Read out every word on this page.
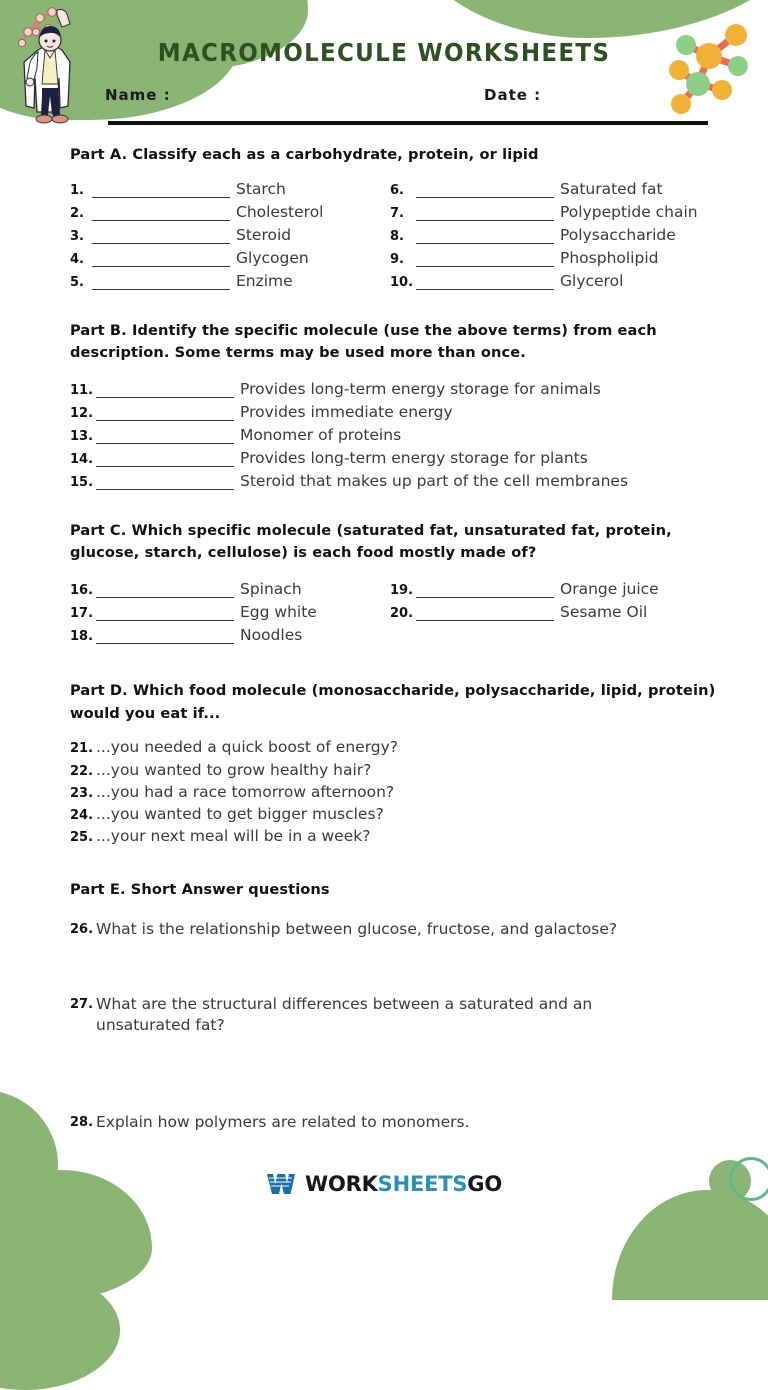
MACROMOLECULE WORKSHEETS
Name :	Date :
Part A. Classify each as a carbohydrate, protein, or lipid
1.	Starch
2.	Cholesterol
3.	Steroid
4.	Glycogen
5.	Enzime
6.	Saturated fat
7.	Polypeptide chain
8.	Polysaccharide
9.	Phospholipid
10.	Glycerol
Part B. Identify the specific molecule (use the above terms) from each description. Some terms may be used more than once.
11.	Provides long-term energy storage for animals
12.	Provides immediate energy
13.	Monomer of proteins
14.	Provides long-term energy storage for plants
15.	Steroid that makes up part of the cell membranes
Part C. Which specific molecule (saturated fat, unsaturated fat, protein, glucose, starch, cellulose) is each food mostly made of?
16.	Spinach
17.	Egg white
18.	Noodles
19.	Orange juice
20.	Sesame Oil
Part D. Which food molecule (monosaccharide, polysaccharide, lipid, protein) would you eat if...
21. ...you needed a quick boost of energy?
22. ...you wanted to grow healthy hair?
23. ...you had a race tomorrow afternoon?
24. ...you wanted to get bigger muscles?
25. ...your next meal will be in a week?
Part E. Short Answer questions
26. What is the relationship between glucose, fructose, and galactose?
27. What are the structural differences between a saturated and an unsaturated fat?
28. Explain how polymers are related to monomers.
WORK SHEETS GO
